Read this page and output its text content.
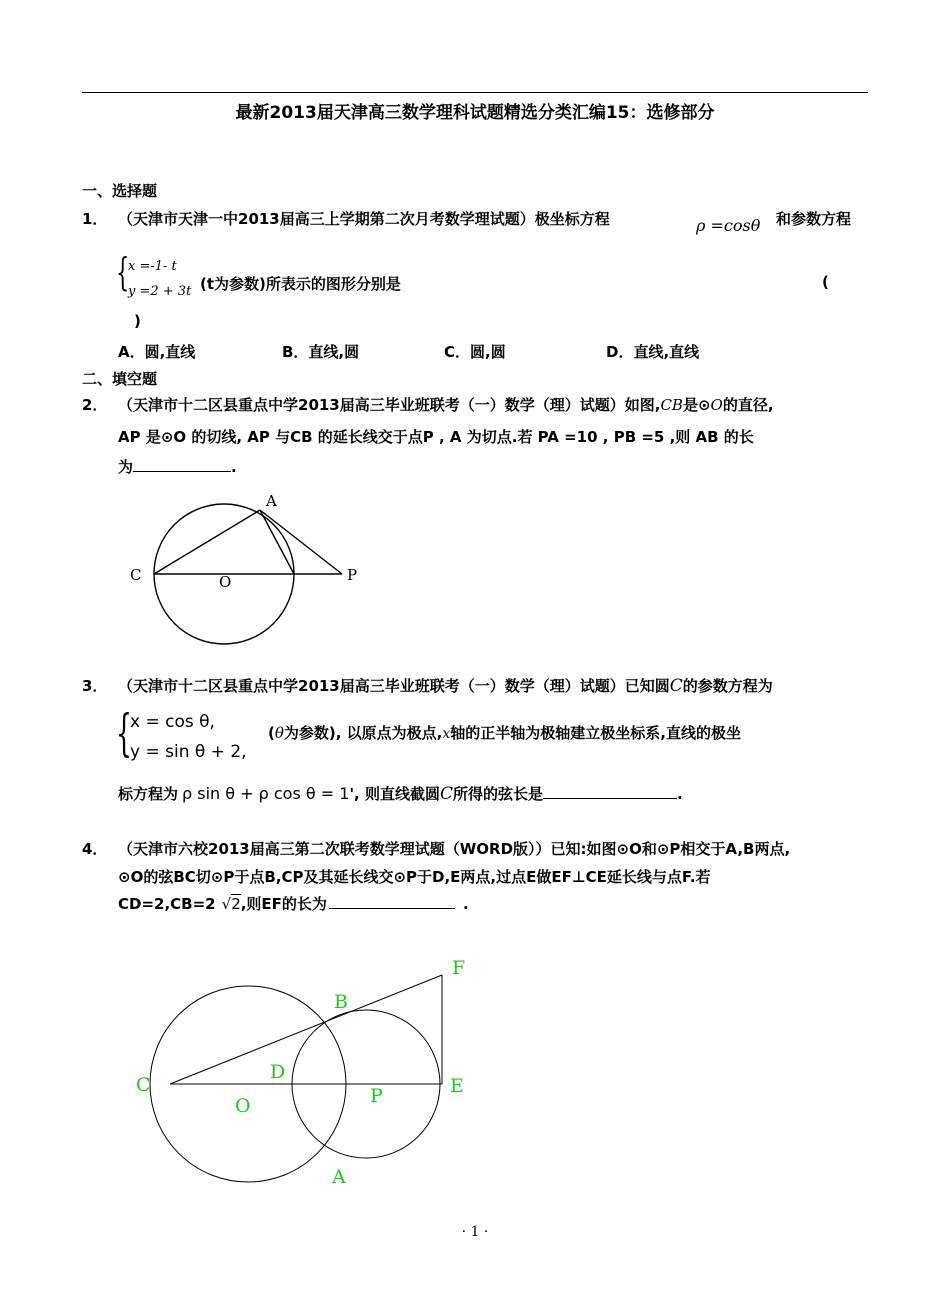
最新2013届天津高三数学理科试题精选分类汇编15：选修部分
一、选择题
1． （天津市天津一中2013届高三上学期第二次月考数学理试题）极坐标方程	ρ =cosθ 和参数方程
{
x =-1- t
y =2 + 3t (t为参数)所表示的图形分别是	(
)
A．圆,直线	B．直线,圆	C．圆,圆	D．直线,直线
二、填空题
2． （天津市十二区县重点中学2013届高三毕业班联考（一）数学（理）试题）如图,CB是⊙O的直径,
AP 是⊙O 的切线, AP 与CB 的延长线交于点P , A 为切点.若 PA =10 , PB =5 ,则 AB 的长
为	.
A
C	O	P
3． （天津市十二区县重点中学2013届高三毕业班联考（一）数学（理）试题）已知圆C的参数方程为
{
x = cos θ,
y = sin θ + 2,
(θ为参数), 以原点为极点,x轴的正半轴为极轴建立极坐标系,直线的极坐
标方程为 ρ sin θ + ρ cos θ = 1', 则直线截圆C所得的弦长是	.
4． （天津市六校2013届高三第二次联考数学理试题（WORD版））已知:如图⊙O和⊙P相交于A,B两点,
⊙O的弦BC切⊙P于点B,CP及其延长线交⊙P于D,E两点,过点E做EF⊥CE延长线与点F.若
CD=2,CB=2 √2,则EF的长为	.
F
B
C
D
E
O	P
A
· 1 ·
